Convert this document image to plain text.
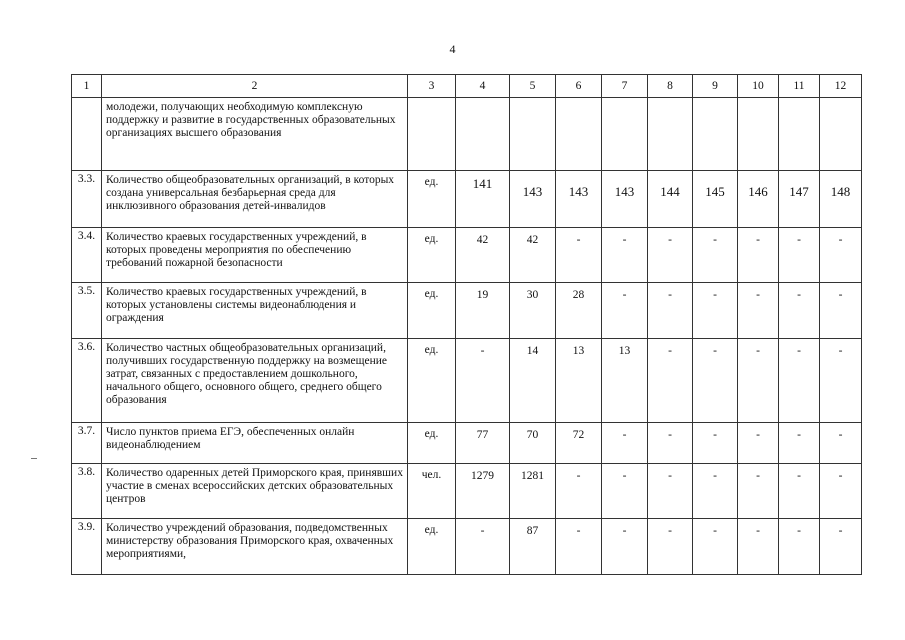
4
1	2	3	4	5	6	7	8	9	10	11	12
	молодежи, получающих необходимую комплексную поддержку и развитие в государственных образовательных организациях высшего образования										
3.3.	Количество общеобразовательных организаций, в которых создана универсальная безбарьерная среда для инклюзивного образования детей-инвалидов	ед.	141	143	143	143	144	145	146	147	148
3.4.	Количество краевых государственных учреждений, в которых проведены мероприятия по обеспечению требований пожарной безопасности	ед.	42	42	-	-	-	-	-	-	-
3.5.	Количество краевых государственных учреждений, в которых установлены системы видеонаблюдения и ограждения	ед.	19	30	28	-	-	-	-	-	-
3.6.	Количество частных общеобразовательных организаций, получивших государственную поддержку на возмещение затрат, связанных с предоставлением дошкольного, начального общего, основного общего, среднего общего образования	ед.	-	14	13	13	-	-	-	-	-
3.7.	Число пунктов приема ЕГЭ, обеспеченных онлайн видеонаблюдением	ед.	77	70	72	-	-	-	-	-	-
3.8.	Количество одаренных детей Приморского края, принявших участие в сменах всероссийских детских образовательных центров	чел.	1279	1281	-	-	-	-	-	-	-
3.9.	Количество учреждений образования, подведомственных министерству образования Приморского края, охваченных мероприятиями,	ед.	-	87	-	-	-	-	-	-	-
